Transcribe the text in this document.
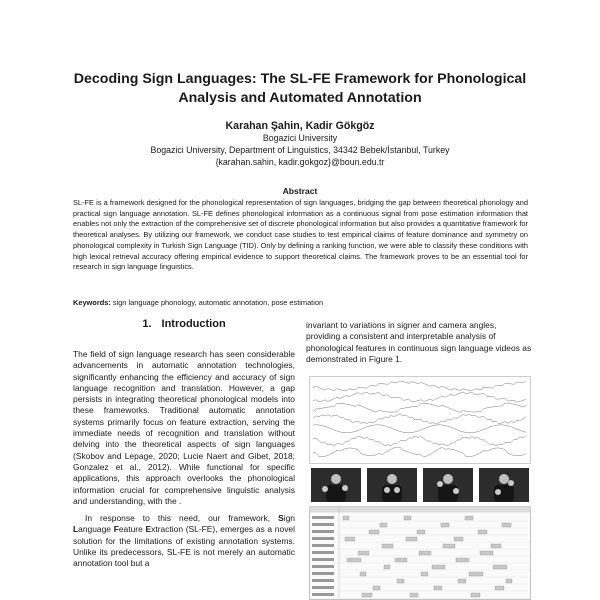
Decoding Sign Languages: The SL-FE Framework for Phonological
Analysis and Automated Annotation
Karahan Şahin, Kadir Gökgöz
Bogazici University
Bogazici University, Department of Linguistics, 34342 Bebek/İstanbul, Turkey
{karahan.sahin, kadir.gokgoz}@boun.edu.tr
Abstract
SL-FE is a framework designed for the phonological representation of sign languages, bridging the gap between theoretical phonology and practical sign language annotation. SL-FE defines phonological information as a continuous signal from pose estimation information that enables not only the extraction of the comprehensive set of discrete phonological information but also provides a quantitative framework for theoretical analyses. By utilizing our framework, we conduct case studies to test empirical claims of feature dominance and symmetry on phonological complexity in Turkish Sign Language (TID). Only by defining a ranking function, we were able to classify these conditions with high lexical retrieval accuracy offering empirical evidence to support theoretical claims. The framework proves to be an essential tool for research in sign language linguistics.
Keywords: sign language phonology, automatic annotation, pose estimation
1. Introduction

The field of sign language research has seen considerable advancements in automatic annotation technologies, significantly enhancing the efficiency and accuracy of sign language recognition and translation. However, a gap persists in integrating theoretical phonological models into these frameworks. Traditional automatic annotation systems primarily focus on feature extraction, serving the immediate needs of recognition and translation without delving into the theoretical aspects of sign languages (Skobov and Lepage, 2020; Lucie Naert and Gibet, 2018; Gonzalez et al., 2012). While functional for specific applications, this approach overlooks the phonological information crucial for comprehensive linguistic analysis and understanding, with the .

In response to this need, our framework, Sign Language Feature Extraction (SL-FE), emerges as a novel solution for the limitations of existing annotation systems. Unlike its predecessors, SL-FE is not merely an automatic annotation tool but a

invariant to variations in signer and camera angles, providing a consistent and interpretable analysis of phonological features in continuous sign language videos as demonstrated in Figure 1.
